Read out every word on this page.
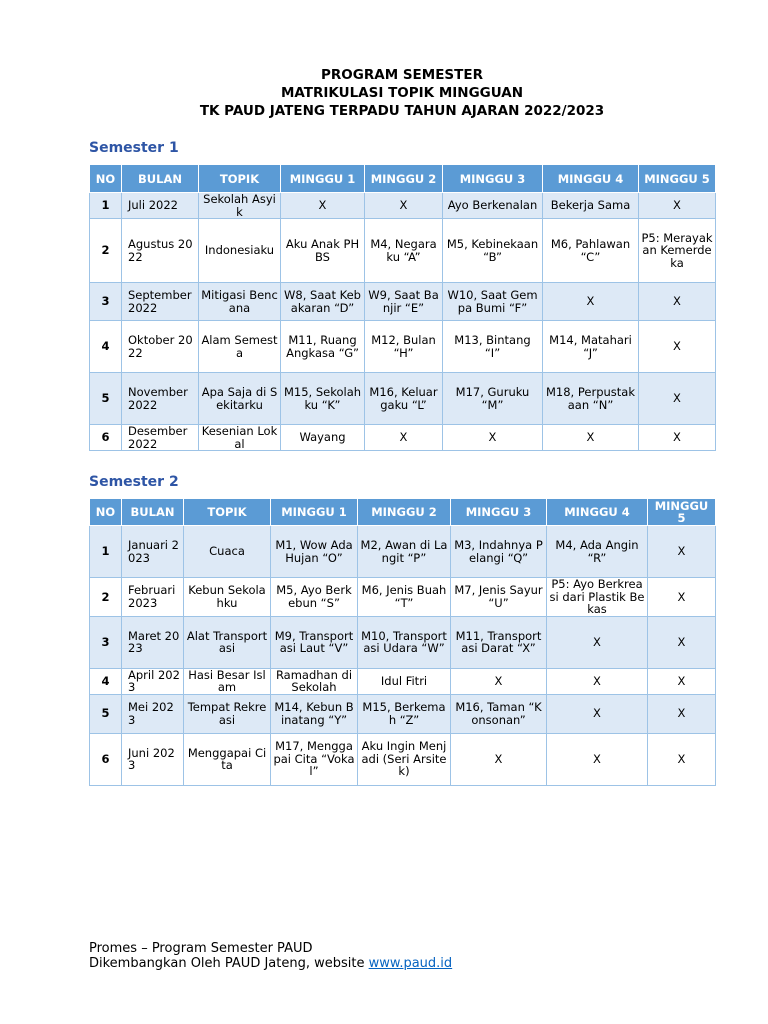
PROGRAM SEMESTER
MATRIKULASI TOPIK MINGGUAN
TK PAUD JATENG TERPADU TAHUN AJARAN 2022/2023
Semester 1
NO	BULAN	TOPIK	MINGGU 1	MINGGU 2	MINGGU 3	MINGGU 4	MINGGU 5
1	Juli 2022	Sekolah Asyik	X	X	Ayo Berkenalan	Bekerja Sama	X
2	Agustus 2022	Indonesiaku	Aku Anak PHBS	M4, Negaraku “A”	M5, Kebinekaan “B”	M6, Pahlawan “C”	P5: Merayakan Kemerdeka
3	September 2022	Mitigasi Bencana	W8, Saat Kebakaran “D”	W9, Saat Banjir “E”	W10, Saat Gempa Bumi “F”	X	X
4	Oktober 2022	Alam Semesta	M11, Ruang Angkasa “G”	M12, Bulan “H”	M13, Bintang “I”	M14, Matahari “J”	X
5	November 2022	Apa Saja di Sekitarku	M15, Sekolahku “K”	M16, Keluargaku “L”	M17, Guruku “M”	M18, Perpustakaan “N”	X
6	Desember 2022	Kesenian Lokal	Wayang	X	X	X	X
Semester 2
NO	BULAN	TOPIK	MINGGU 1	MINGGU 2	MINGGU 3	MINGGU 4	MINGGU 5
1	Januari 2023	Cuaca	M1, Wow Ada Hujan “O”	M2, Awan di Langit “P”	M3, Indahnya Pelangi “Q”	M4, Ada Angin “R”	X
2	Februari 2023	Kebun Sekolahku	M5, Ayo Berkebun “S”	M6, Jenis Buah “T”	M7, Jenis Sayur “U”	P5: Ayo Berkreasi dari Plastik Bekas	X
3	Maret 2023	Alat Transportasi	M9, Transportasi Laut “V”	M10, Transportasi Udara “W”	M11, Transportasi Darat “X”	X	X
4	April 2023	Hasi Besar Islam	Ramadhan di Sekolah	Idul Fitri	X	X	X
5	Mei 2023	Tempat Rekreasi	M14, Kebun Binatang “Y”	M15, Berkemah “Z”	M16, Taman “Konsonan”	X	X
6	Juni 2023	Menggapai Cita	M17, Menggapai Cita “Vokal”	Aku Ingin Menjadi (Seri Arsitek)	X	X	X
Promes – Program Semester PAUD
Dikembangkan Oleh PAUD Jateng, website www.paud.id
